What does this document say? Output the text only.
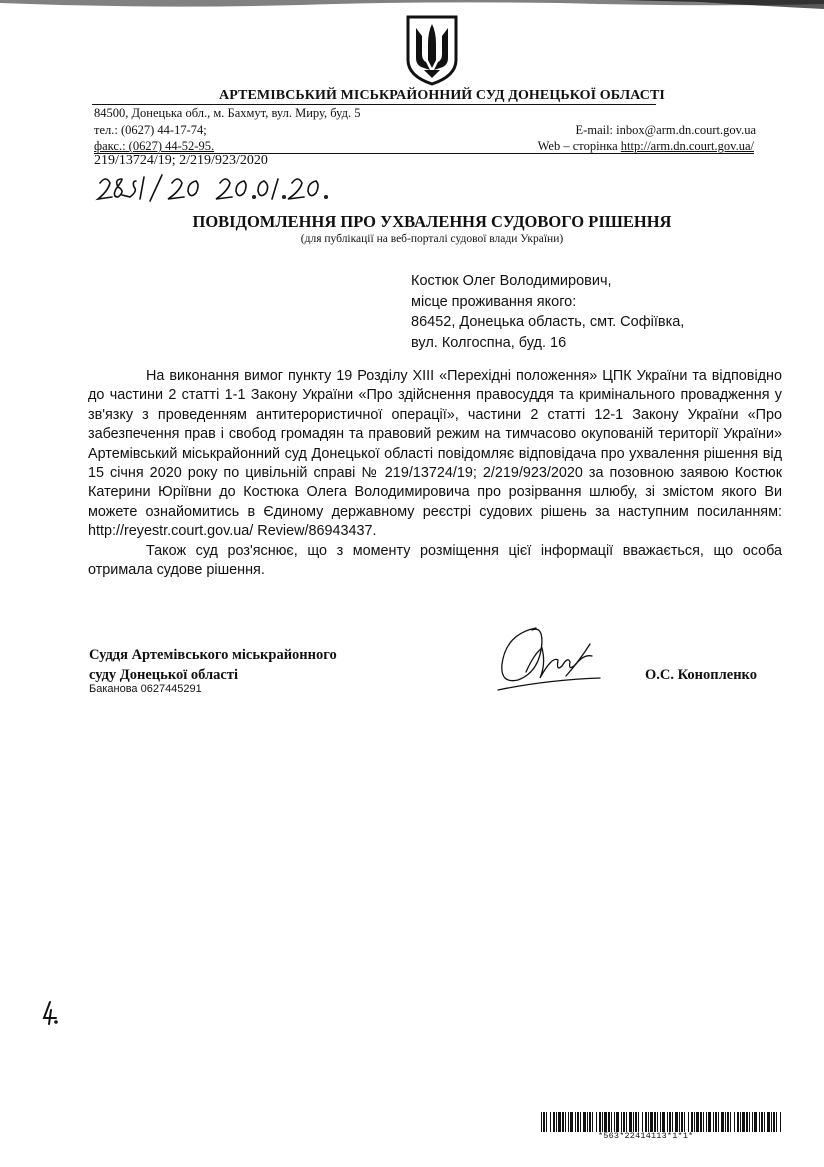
АРТЕМІВСЬКИЙ МІСЬКРАЙОННИЙ СУД ДОНЕЦЬКОЇ ОБЛАСТІ
84500, Донецька обл., м. Бахмут, вул. Миру, буд. 5
тел.: (0627) 44-17-74;	E-mail: inbox@arm.dn.court.gov.ua
факс.: (0627) 44-52-95.	Web – сторінка http://arm.dn.court.gov.ua/
219/13724/19; 2/219/923/2020
2891/20 20.01.20.
ПОВІДОМЛЕННЯ ПРО УХВАЛЕННЯ СУДОВОГО РІШЕННЯ
(для публікації на веб-порталі судової влади України)
Костюк Олег Володимирович,
місце проживання якого:
86452, Донецька область, смт. Софіївка,
вул. Колгоспна, буд. 16

На виконання вимог пункту 19 Розділу ХІІІ «Перехідні положення» ЦПК України та відповідно до частини 2 статті 1-1 Закону України «Про здійснення правосуддя та кримінального провадження у зв'язку з проведенням антитерористичної операції», частини 2 статті 12-1 Закону України «Про забезпечення прав і свобод громадян та правовий режим на тимчасово окупованій території України» Артемівський міськрайонний суд Донецької області повідомляє відповідача про ухвалення рішення від 15 січня 2020 року по цивільній справі № 219/13724/19; 2/219/923/2020 за позовною заявою Костюк Катерини Юріївни до Костюка Олега Володимировича про розірвання шлюбу, зі змістом якого Ви можете ознайомитись в Єдиному державному реєстрі судових рішень за наступним посиланням: http://reyestr.court.gov.ua/ Review/86943437.

Також суд роз'яснює, що з моменту розміщення цієї інформації вважається, що особа отримала судове рішення.

Суддя Артемівського міськрайонного
суду Донецької області
Баканова 0627445291
О.С. Конопленко
4
*563*22414113*1*1*
